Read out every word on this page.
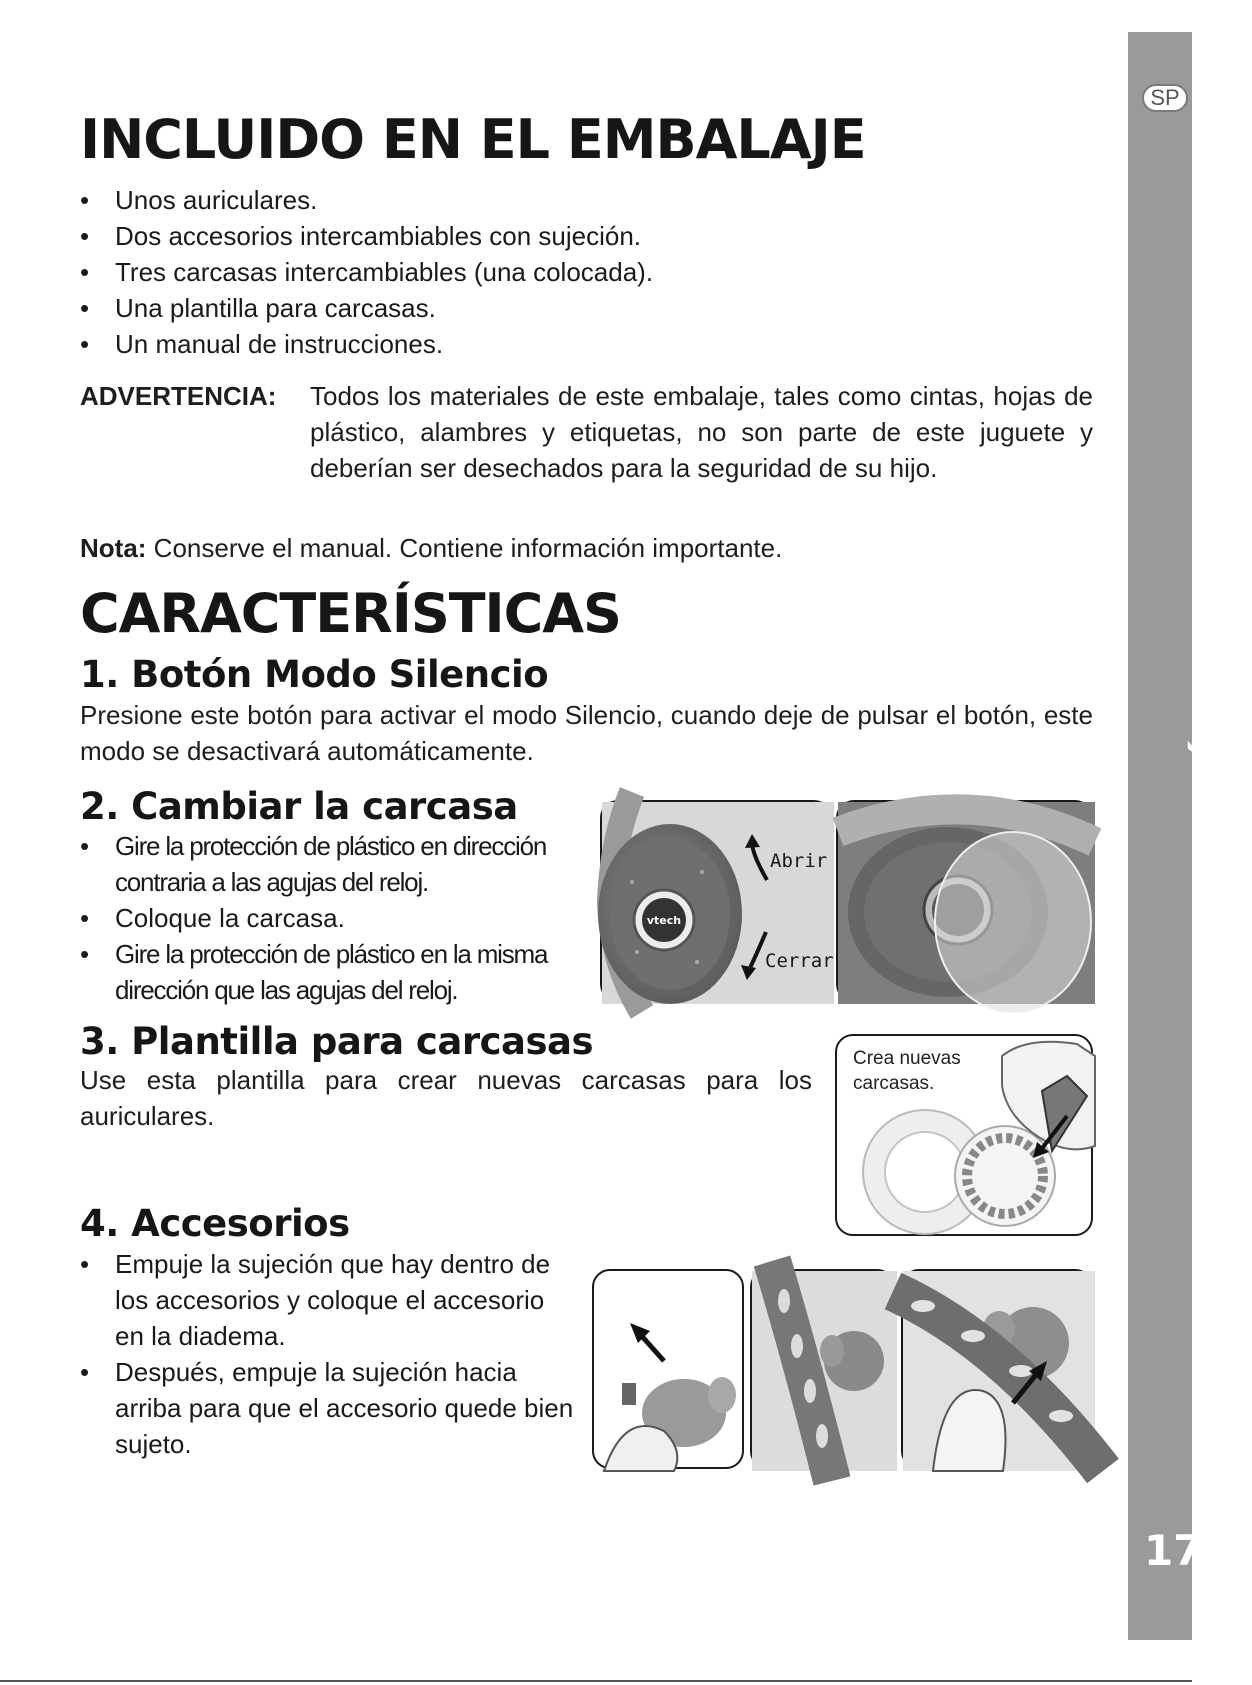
SP
CARACTERÍSTICAS
17
INCLUIDO EN EL EMBALAJE
• Unos auriculares.
• Dos accesorios intercambiables con sujeción.
• Tres carcasas intercambiables (una colocada).
• Una plantilla para carcasas.
• Un manual de instrucciones.
ADVERTENCIA: Todos los materiales de este embalaje, tales como cintas, hojas de plástico, alambres y etiquetas, no son parte de este juguete y deberían ser desechados para la seguridad de su hijo.
Nota: Conserve el manual. Contiene información importante.
CARACTERÍSTICAS
1. Botón Modo Silencio
Presione este botón para activar el modo Silencio, cuando deje de pulsar el botón, este modo se desactivará automáticamente.
2. Cambiar la carcasa
• Gire la protección de plástico en dirección contraria a las agujas del reloj.
• Coloque la carcasa.
• Gire la protección de plástico en la misma dirección que las agujas del reloj.
vtech
Abrir
Cerrar
3. Plantilla para carcasas
Use esta plantilla para crear nuevas carcasas para los auriculares.
Crea nuevas carcasas.
4. Accesorios
• Empuje la sujeción que hay dentro de los accesorios y coloque el accesorio en la diadema.
• Después, empuje la sujeción hacia arriba para que el accesorio quede bien sujeto.
